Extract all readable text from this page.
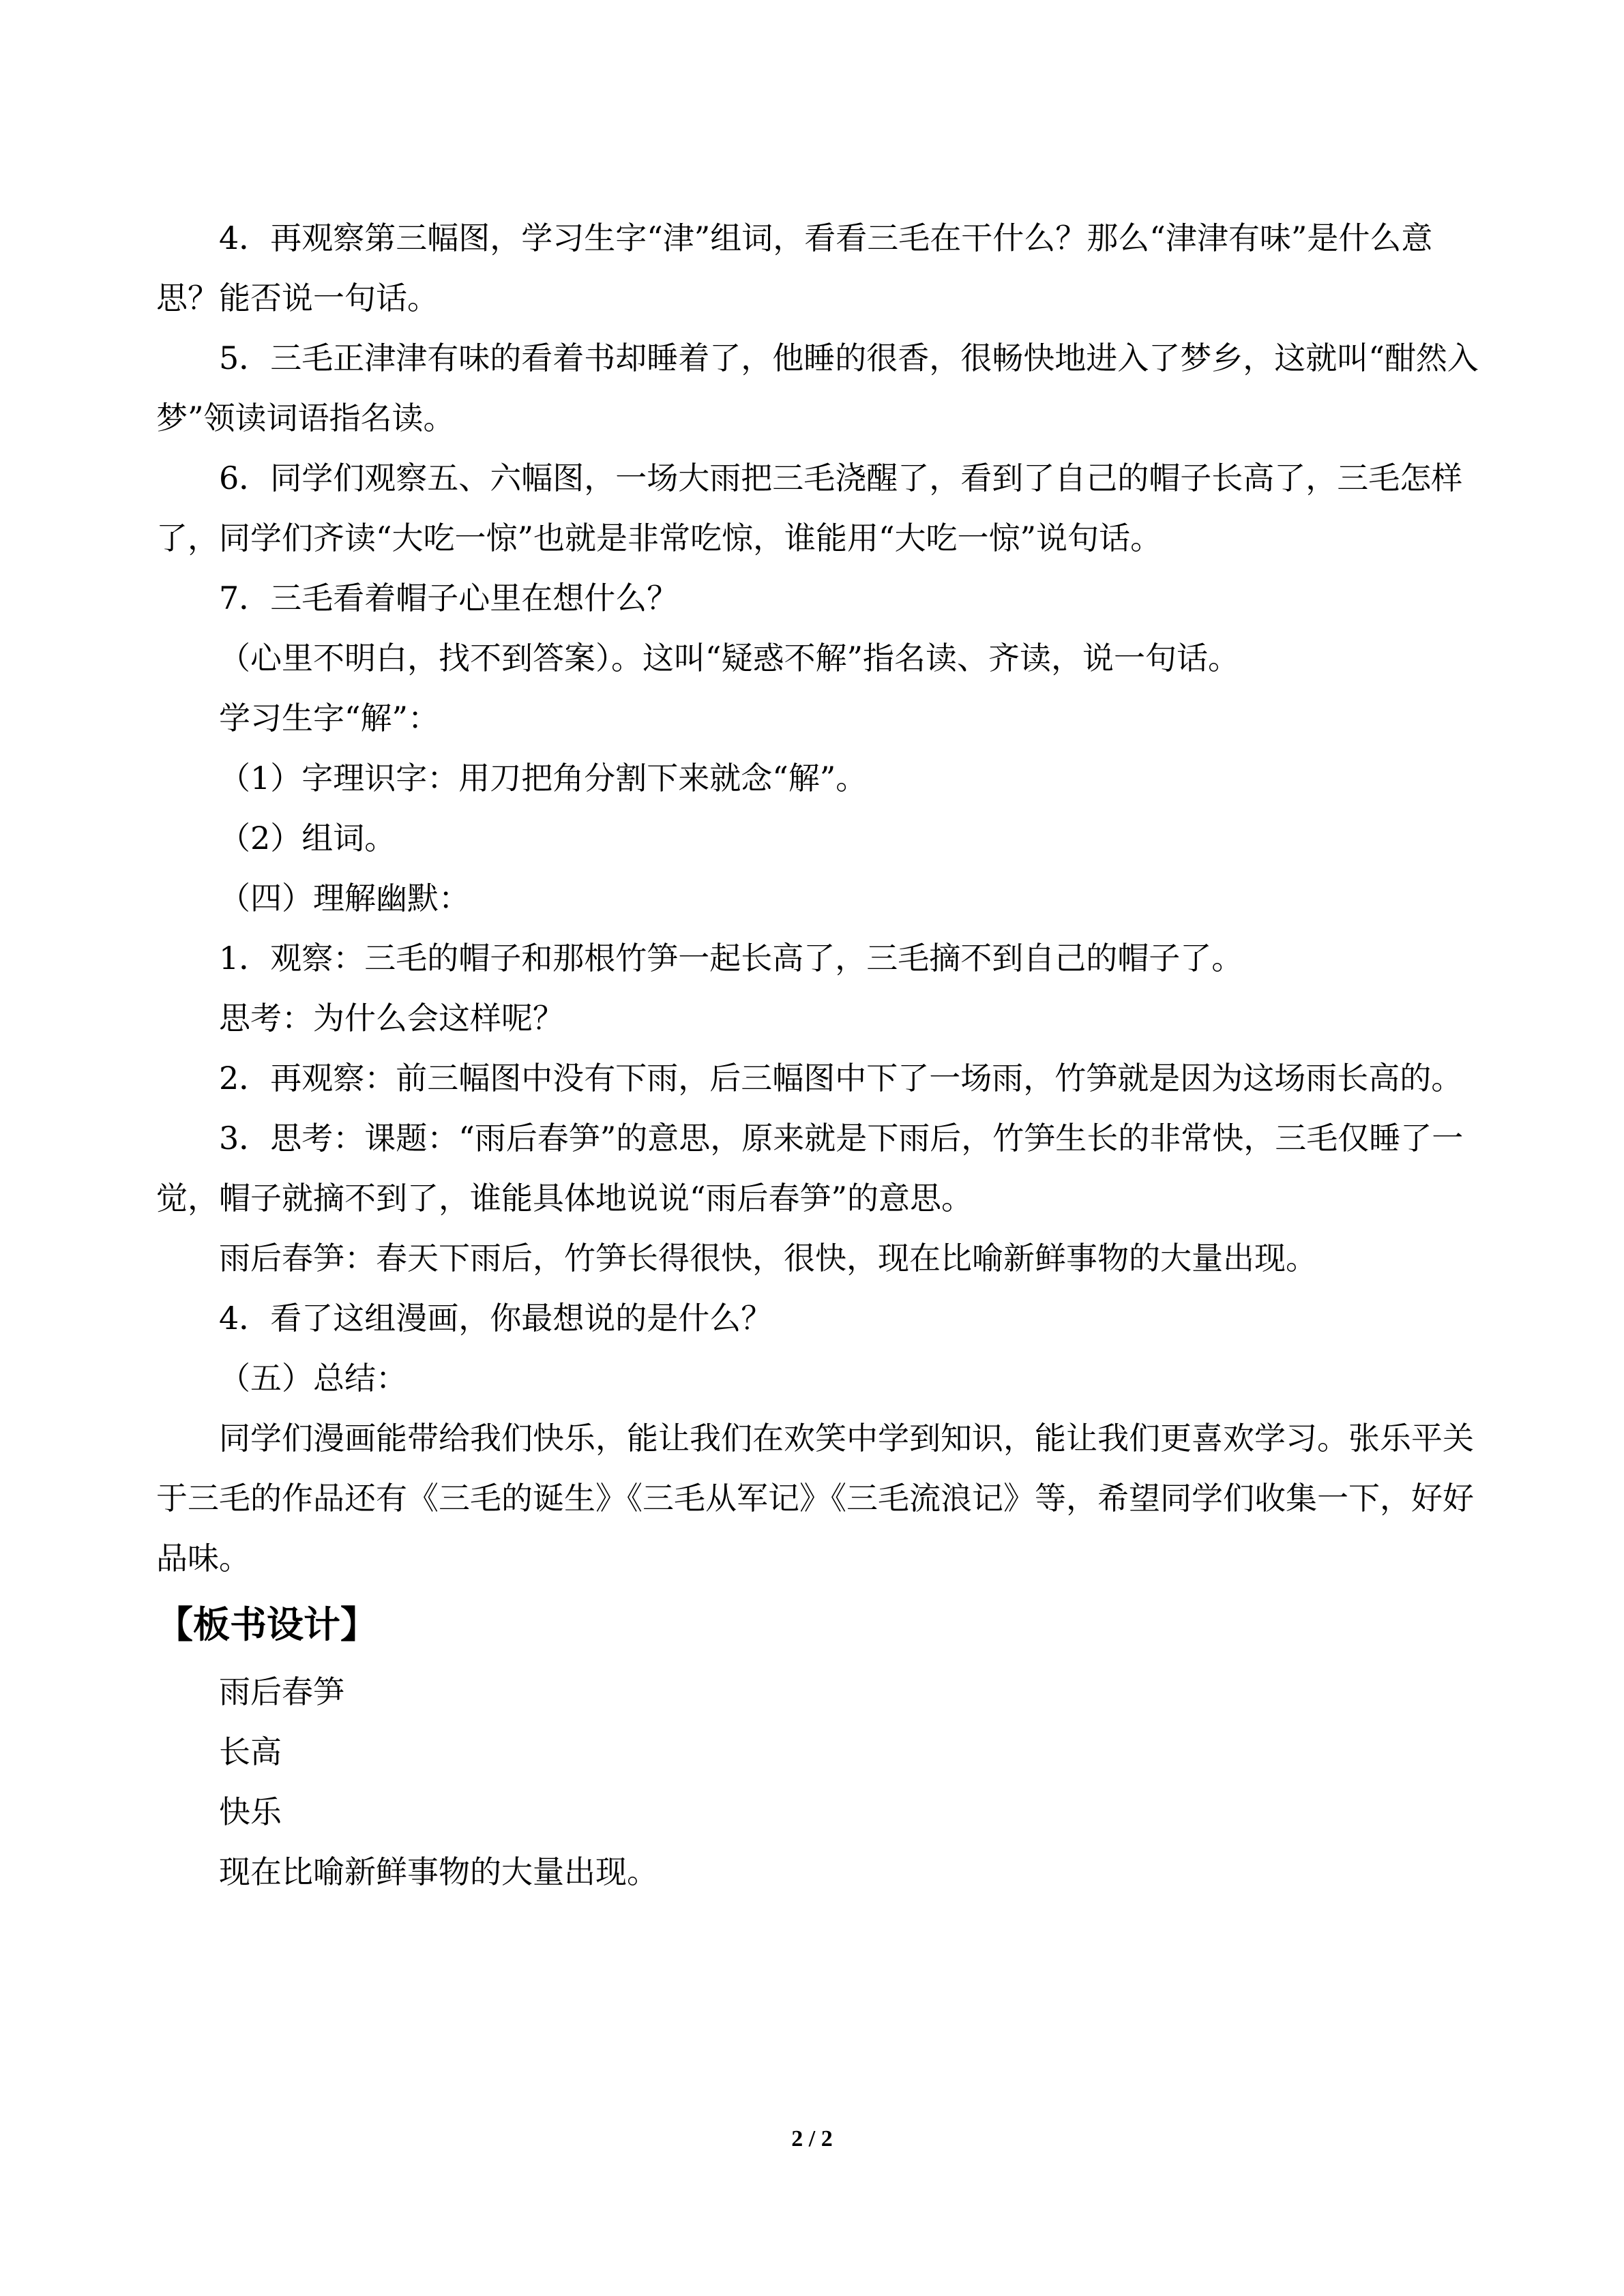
4．再观察第三幅图，学习生字“津”组词，看看三毛在干什么？那么“津津有味”是什么意思？能否说一句话。

5．三毛正津津有味的看着书却睡着了，他睡的很香，很畅快地进入了梦乡，这就叫“酣然入梦”领读词语指名读。

6．同学们观察五、六幅图，一场大雨把三毛浇醒了，看到了自己的帽子长高了，三毛怎样了，同学们齐读“大吃一惊”也就是非常吃惊，谁能用“大吃一惊”说句话。

7．三毛看着帽子心里在想什么？

（心里不明白，找不到答案）。这叫“疑惑不解”指名读、齐读，说一句话。

学习生字“解”：

（1）字理识字：用刀把角分割下来就念“解”。

（2）组词。

（四）理解幽默：

1．观察：三毛的帽子和那根竹笋一起长高了，三毛摘不到自己的帽子了。

思考：为什么会这样呢？

2．再观察：前三幅图中没有下雨，后三幅图中下了一场雨，竹笋就是因为这场雨长高的。

3．思考：课题：“雨后春笋”的意思，原来就是下雨后，竹笋生长的非常快，三毛仅睡了一觉，帽子就摘不到了，谁能具体地说说“雨后春笋”的意思。

雨后春笋：春天下雨后，竹笋长得很快，很快，现在比喻新鲜事物的大量出现。

4．看了这组漫画，你最想说的是什么？

（五）总结：

同学们漫画能带给我们快乐，能让我们在欢笑中学到知识，能让我们更喜欢学习。张乐平关于三毛的作品还有《三毛的诞生》《三毛从军记》《三毛流浪记》等，希望同学们收集一下，好好品味。

【板书设计】

雨后春笋

长高

快乐

现在比喻新鲜事物的大量出现。

2 / 2
